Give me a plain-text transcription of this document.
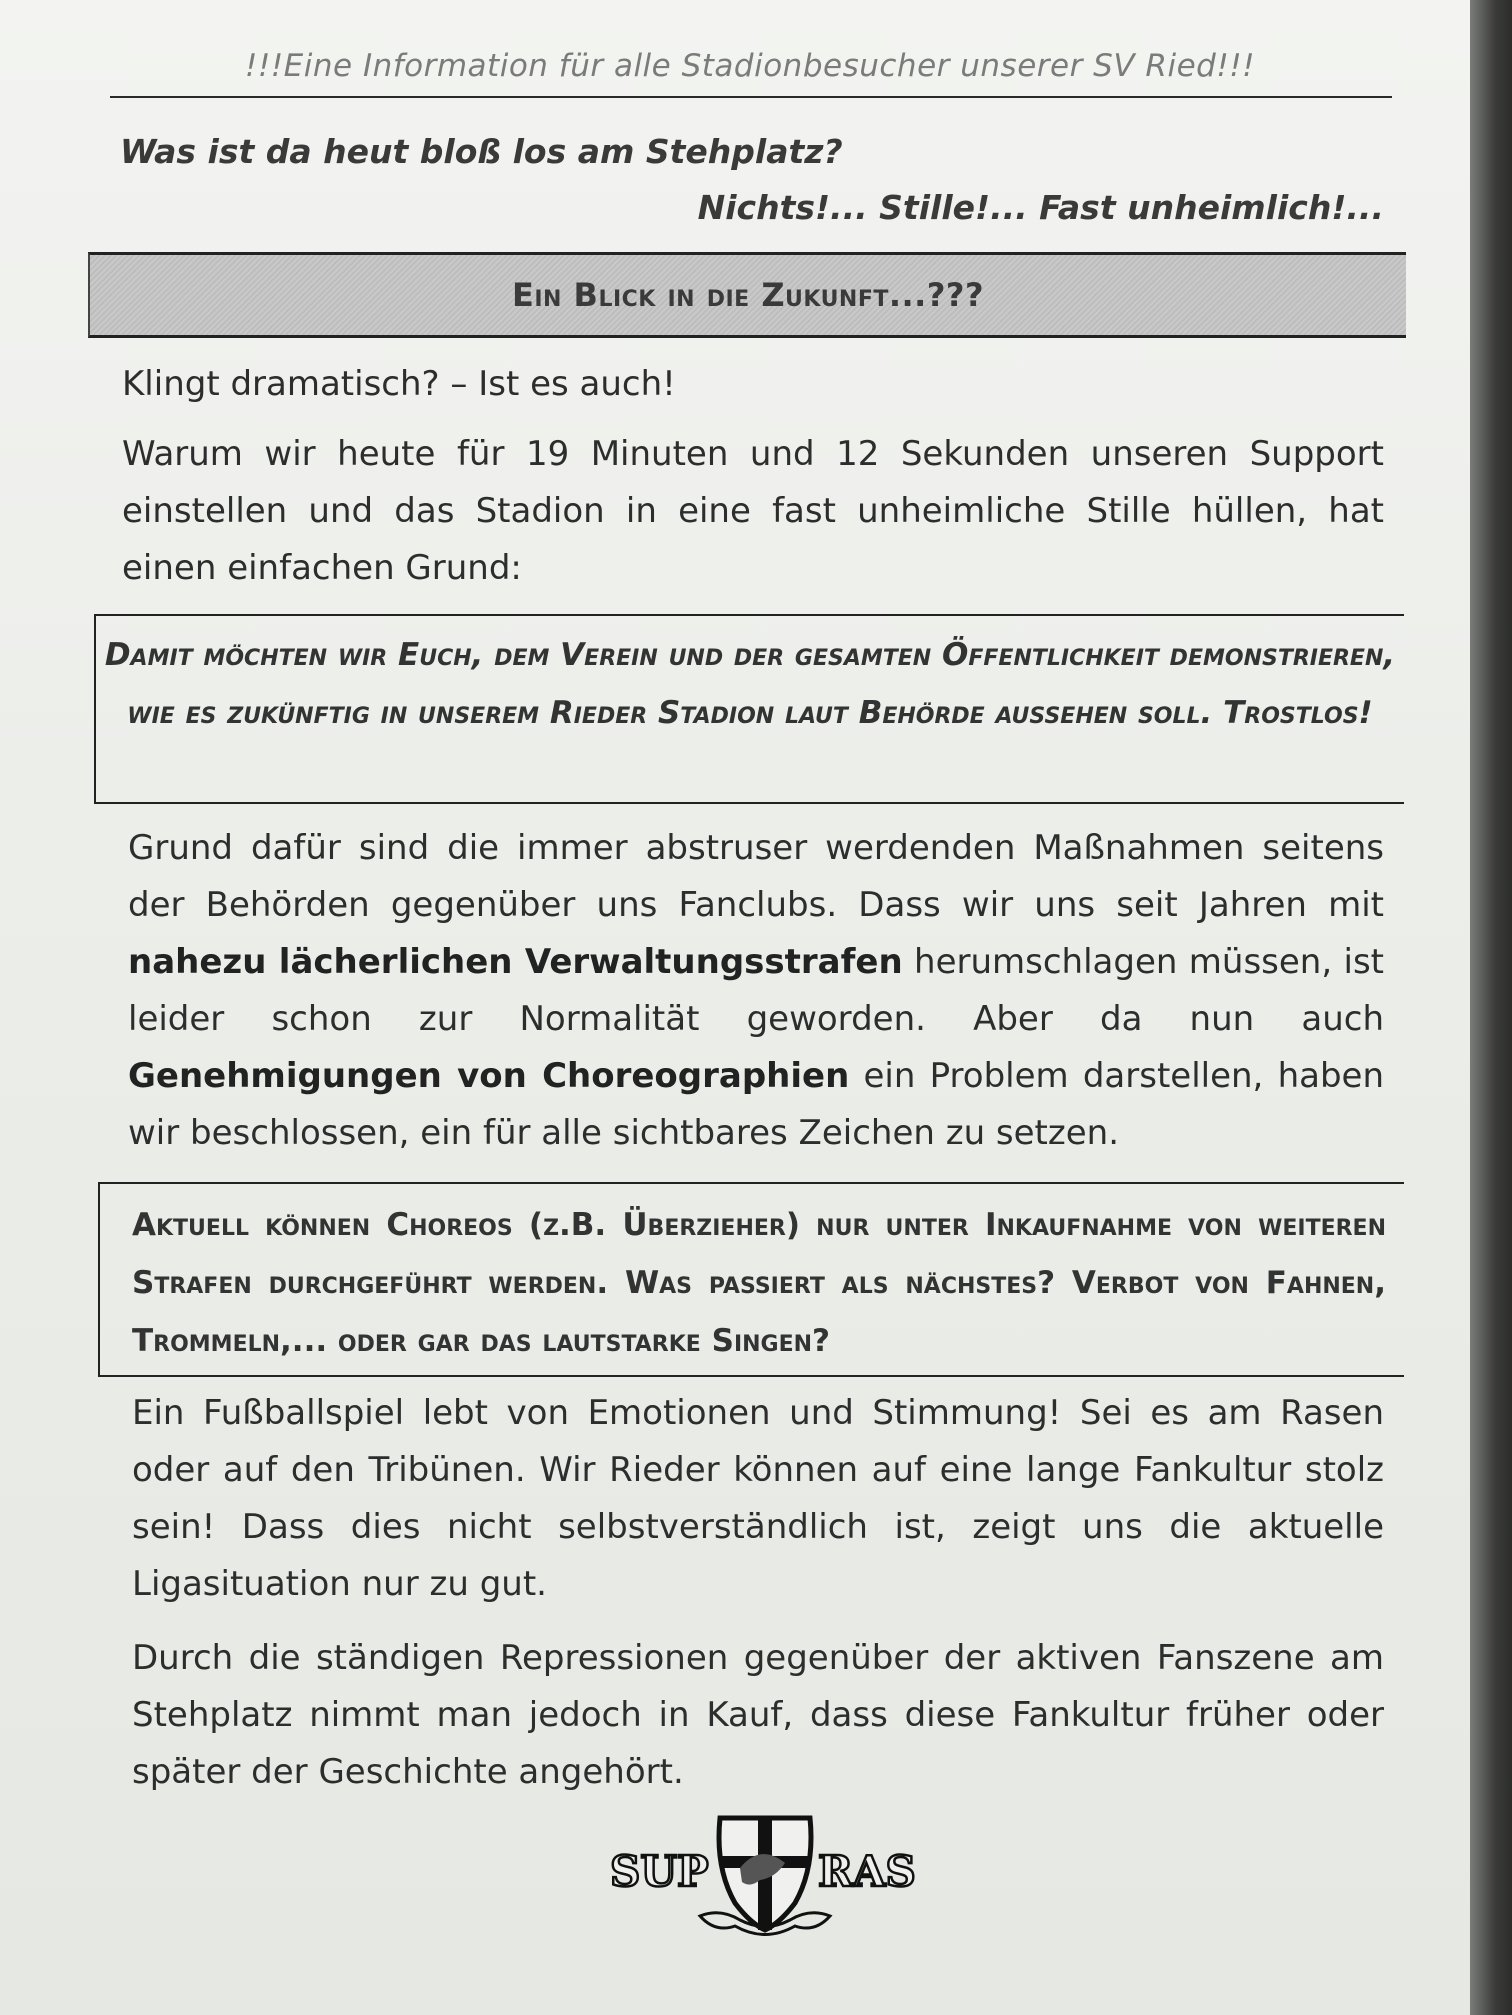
!!!Eine Information für alle Stadionbesucher unserer SV Ried!!!
Was ist da heut bloß los am Stehplatz?
Nichts!... Stille!... Fast unheimlich!...
Ein Blick in die Zukunft...???
Klingt dramatisch? – Ist es auch!
Warum wir heute für 19 Minuten und 12 Sekunden unseren Support einstellen und das Stadion in eine fast unheimliche Stille hüllen, hat einen einfachen Grund:
Damit möchten wir Euch, dem Verein und der gesamten Öffentlichkeit demonstrieren, wie es zukünftig in unserem Rieder Stadion laut Behörde aussehen soll. Trostlos!
Grund dafür sind die immer abstruser werdenden Maßnahmen seitens der Behörden gegenüber uns Fanclubs. Dass wir uns seit Jahren mit nahezu lächerlichen Verwaltungsstrafen herumschlagen müssen, ist leider schon zur Normalität geworden. Aber da nun auch Genehmigungen von Choreographien ein Problem darstellen, haben wir beschlossen, ein für alle sichtbares Zeichen zu setzen.
Aktuell können Choreos (z.B. Überzieher) nur unter Inkaufnahme von weiteren Strafen durchgeführt werden. Was passiert als nächstes? Verbot von Fahnen, Trommeln,... oder gar das lautstarke Singen?
Ein Fußballspiel lebt von Emotionen und Stimmung! Sei es am Rasen oder auf den Tribünen. Wir Rieder können auf eine lange Fankultur stolz sein! Dass dies nicht selbstverständlich ist, zeigt uns die aktuelle Ligasituation nur zu gut.
Durch die ständigen Repressionen gegenüber der aktiven Fanszene am Stehplatz nimmt man jedoch in Kauf, dass diese Fankultur früher oder später der Geschichte angehört.
SUP	RAS
